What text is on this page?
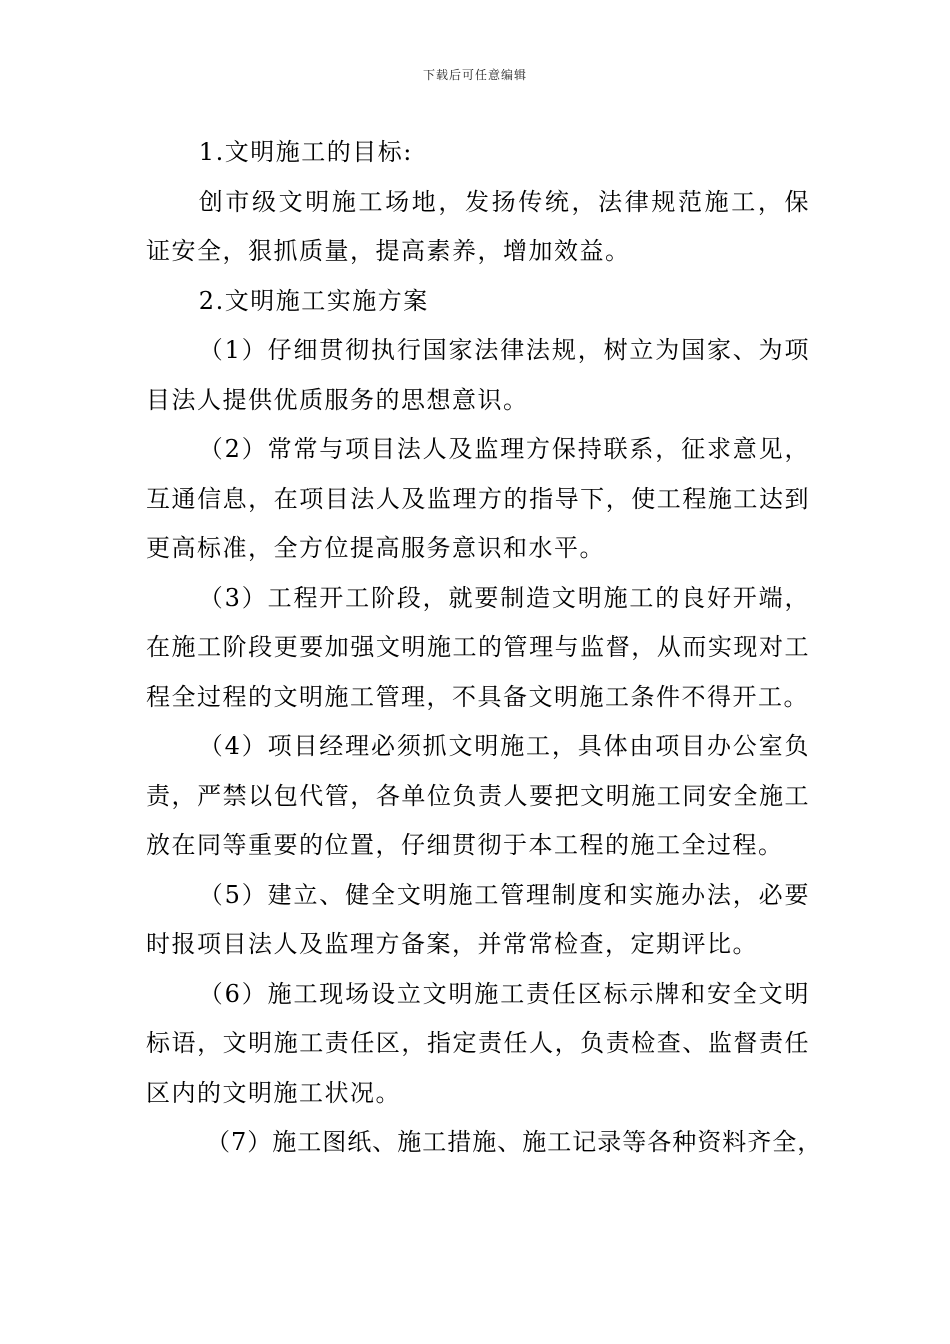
下载后可任意编辑

1.文明施工的目标:

创市级文明施工场地，发扬传统，法律规范施工，保证安全，狠抓质量，提高素养，增加效益。

2.文明施工实施方案

（1）仔细贯彻执行国家法律法规，树立为国家、为项目法人提供优质服务的思想意识。

（2）常常与项目法人及监理方保持联系，征求意见，互通信息，在项目法人及监理方的指导下，使工程施工达到更高标准，全方位提高服务意识和水平。

（3）工程开工阶段，就要制造文明施工的良好开端，在施工阶段更要加强文明施工的管理与监督，从而实现对工程全过程的文明施工管理，不具备文明施工条件不得开工。

（4）项目经理必须抓文明施工，具体由项目办公室负责，严禁以包代管，各单位负责人要把文明施工同安全施工放在同等重要的位置，仔细贯彻于本工程的施工全过程。

（5）建立、健全文明施工管理制度和实施办法，必要时报项目法人及监理方备案，并常常检查，定期评比。

（6）施工现场设立文明施工责任区标示牌和安全文明标语，文明施工责任区，指定责任人，负责检查、监督责任区内的文明施工状况。

（7）施工图纸、施工措施、施工记录等各种资料齐全，
